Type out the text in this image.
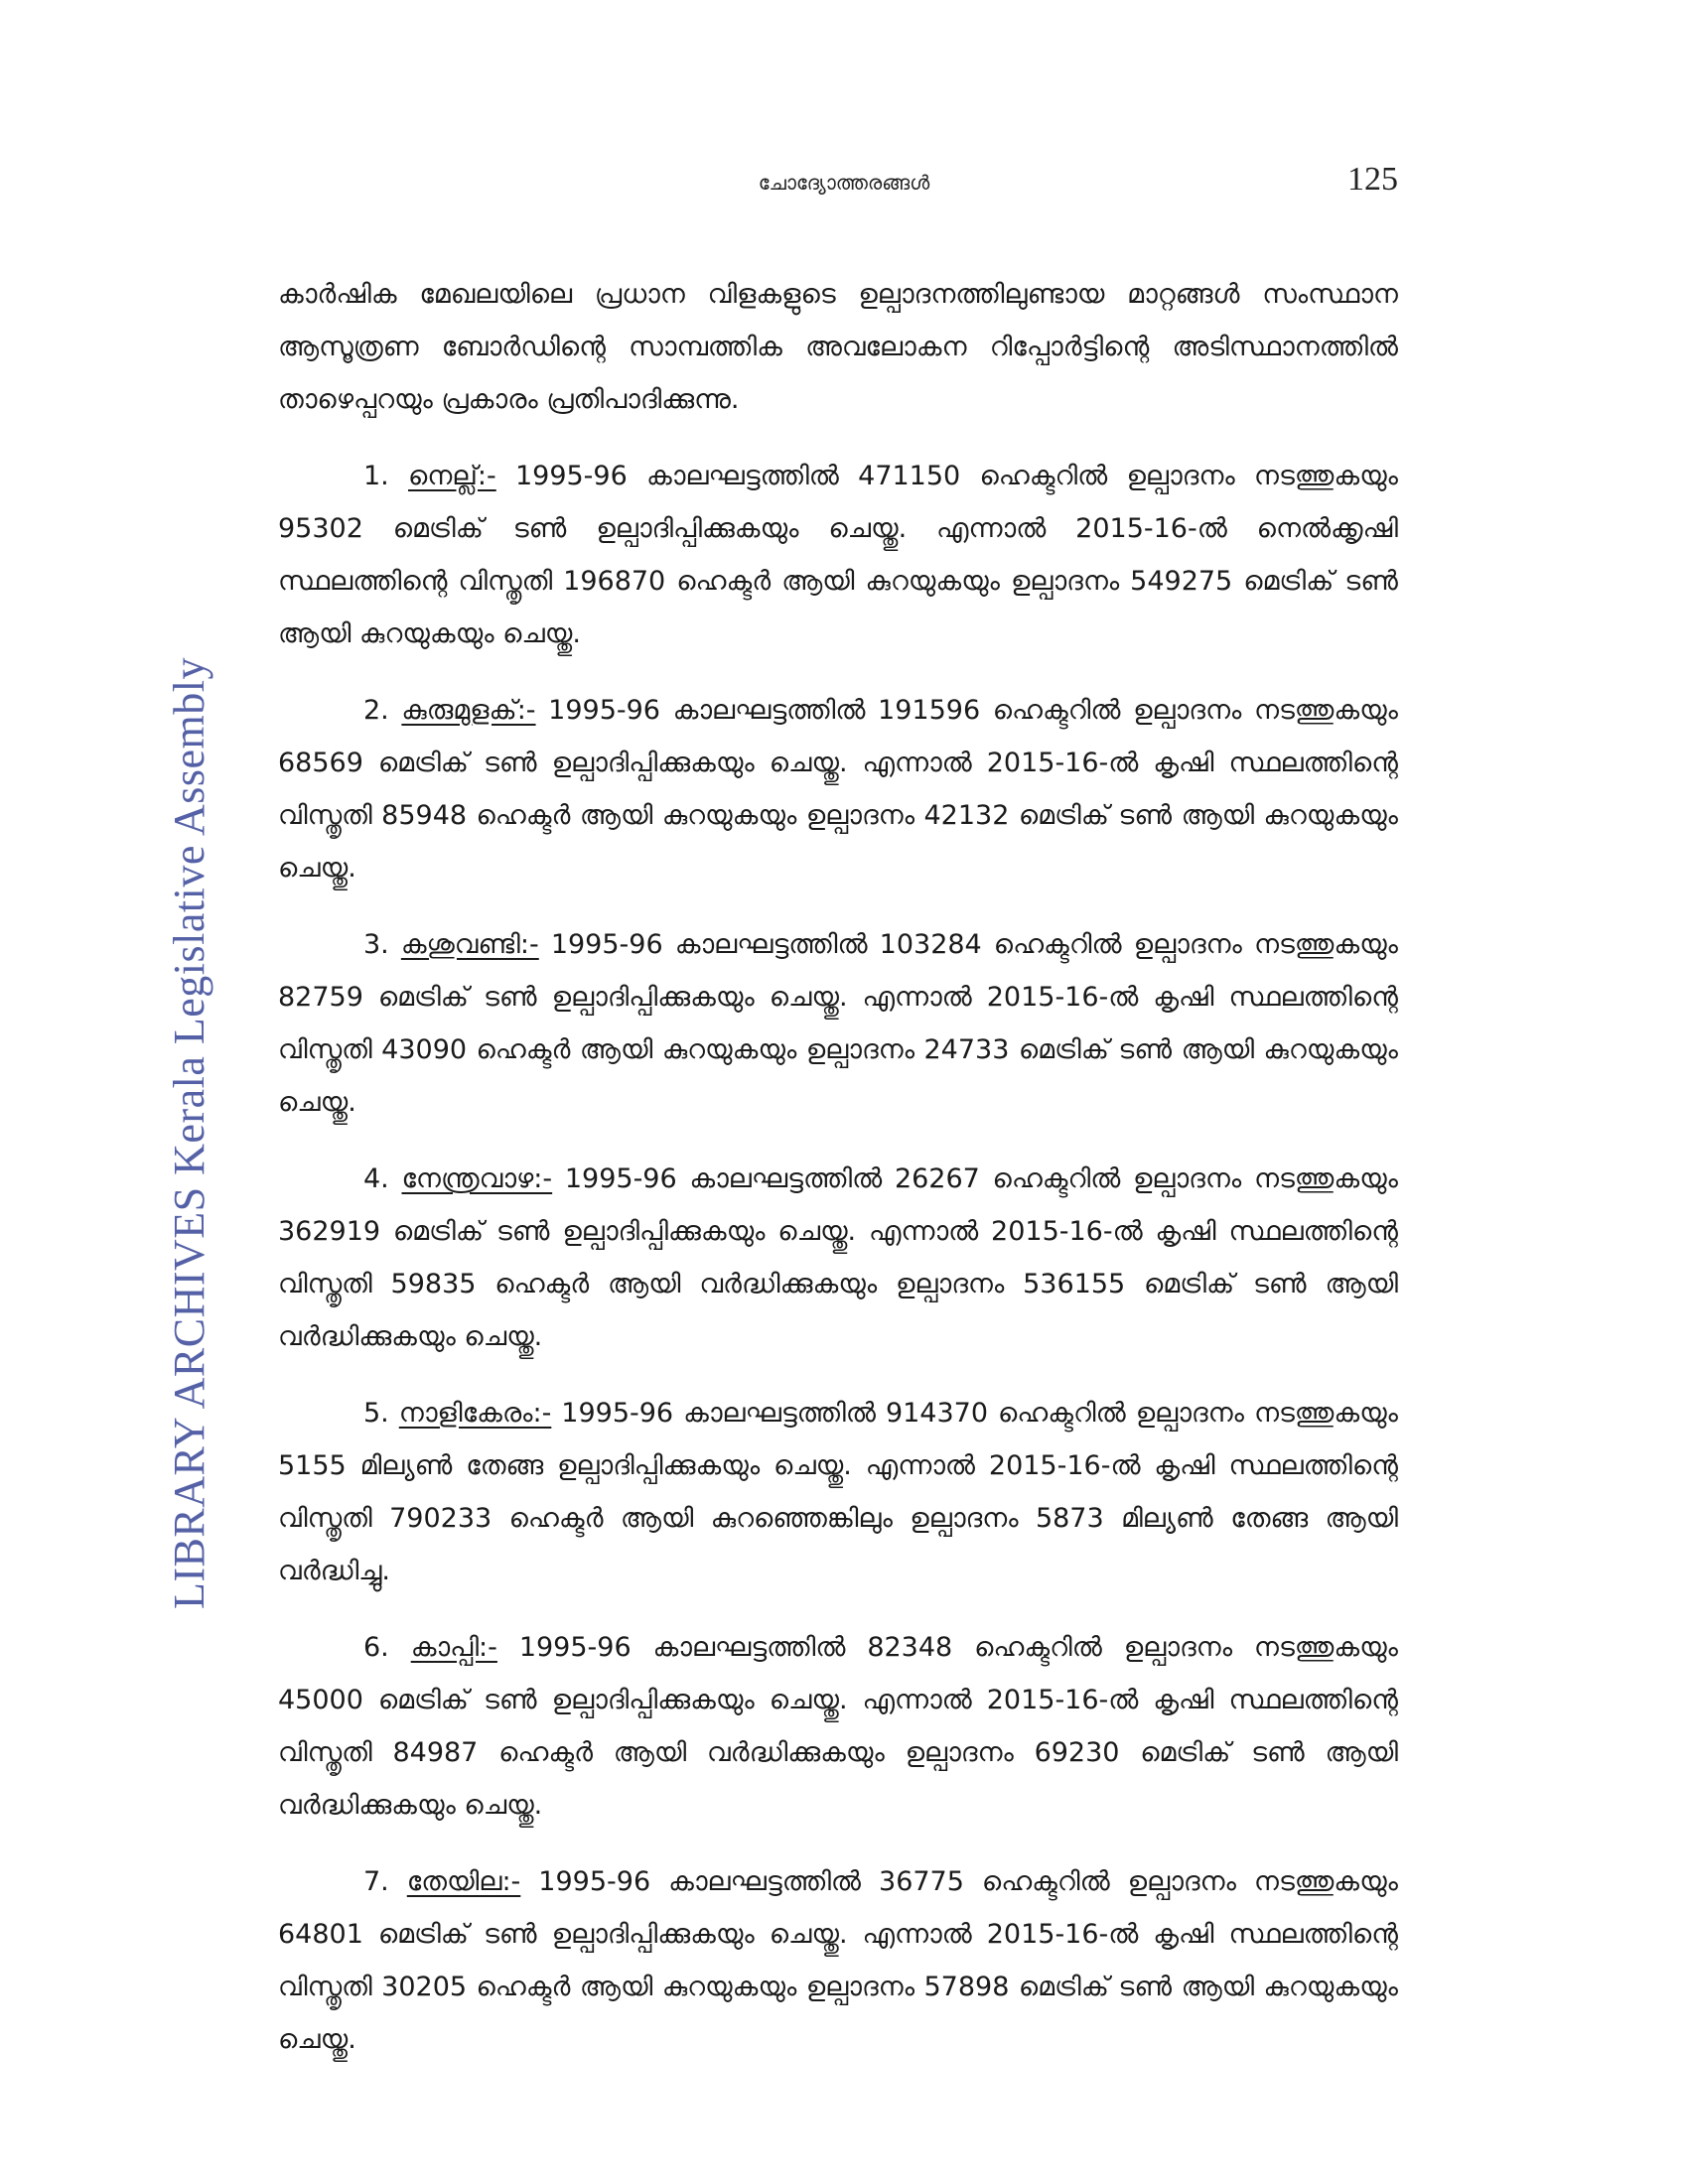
ചോദ്യോത്തരങ്ങൾ	125
LIBRARY ARCHIVES Kerala Legislative Assembly

കാർഷിക മേഖലയിലെ പ്രധാന വിളകളുടെ ഉല്പാദനത്തിലുണ്ടായ മാറ്റങ്ങൾ സംസ്ഥാന ആസൂത്രണ ബോർഡിന്റെ സാമ്പത്തിക അവലോകന റിപ്പോർട്ടിന്റെ അടിസ്ഥാനത്തിൽ താഴെപ്പറയും പ്രകാരം പ്രതിപാദിക്കുന്നു.

1. നെല്ല്:- 1995-96 കാലഘട്ടത്തിൽ 471150 ഹെക്ടറിൽ ഉല്പാദനം നടത്തുകയും 95302 മെട്രിക് ടൺ ഉല്പാദിപ്പിക്കുകയും ചെയ്തു. എന്നാൽ 2015-16-ൽ നെൽക്കൃഷി സ്ഥലത്തിന്റെ വിസ്തൃതി 196870 ഹെക്ടർ ആയി കുറയുകയും ഉല്പാദനം 549275 മെട്രിക് ടൺ ആയി കുറയുകയും ചെയ്തു.

2. കുരുമുളക്:- 1995-96 കാലഘട്ടത്തിൽ 191596 ഹെക്ടറിൽ ഉല്പാദനം നടത്തുകയും 68569 മെട്രിക് ടൺ ഉല്പാദിപ്പിക്കുകയും ചെയ്തു. എന്നാൽ 2015-16-ൽ കൃഷി സ്ഥലത്തിന്റെ വിസ്തൃതി 85948 ഹെക്ടർ ആയി കുറയുകയും ഉല്പാദനം 42132 മെട്രിക് ടൺ ആയി കുറയുകയും ചെയ്തു.

3. കശുവണ്ടി:- 1995-96 കാലഘട്ടത്തിൽ 103284 ഹെക്ടറിൽ ഉല്പാദനം നടത്തുകയും 82759 മെട്രിക് ടൺ ഉല്പാദിപ്പിക്കുകയും ചെയ്തു. എന്നാൽ 2015-16-ൽ കൃഷി സ്ഥലത്തിന്റെ വിസ്തൃതി 43090 ഹെക്ടർ ആയി കുറയുകയും ഉല്പാദനം 24733 മെട്രിക് ടൺ ആയി കുറയുകയും ചെയ്തു.

4. നേന്ത്രവാഴ:- 1995-96 കാലഘട്ടത്തിൽ 26267 ഹെക്ടറിൽ ഉല്പാദനം നടത്തുകയും 362919 മെട്രിക് ടൺ ഉല്പാദിപ്പിക്കുകയും ചെയ്തു. എന്നാൽ 2015-16-ൽ കൃഷി സ്ഥലത്തിന്റെ വിസ്തൃതി 59835 ഹെക്ടർ ആയി വർദ്ധിക്കുകയും ഉല്പാദനം 536155 മെട്രിക് ടൺ ആയി വർദ്ധിക്കുകയും ചെയ്തു.

5. നാളികേരം:- 1995-96 കാലഘട്ടത്തിൽ 914370 ഹെക്ടറിൽ ഉല്പാദനം നടത്തുകയും 5155 മില്യൺ തേങ്ങ ഉല്പാദിപ്പിക്കുകയും ചെയ്തു. എന്നാൽ 2015-16-ൽ കൃഷി സ്ഥലത്തിന്റെ വിസ്തൃതി 790233 ഹെക്ടർ ആയി കുറഞ്ഞെങ്കിലും ഉല്പാദനം 5873 മില്യൺ തേങ്ങ ആയി വർദ്ധിച്ചു.

6. കാപ്പി:- 1995-96 കാലഘട്ടത്തിൽ 82348 ഹെക്ടറിൽ ഉല്പാദനം നടത്തുകയും 45000 മെട്രിക് ടൺ ഉല്പാദിപ്പിക്കുകയും ചെയ്തു. എന്നാൽ 2015-16-ൽ കൃഷി സ്ഥലത്തിന്റെ വിസ്തൃതി 84987 ഹെക്ടർ ആയി വർദ്ധിക്കുകയും ഉല്പാദനം 69230 മെട്രിക് ടൺ ആയി വർദ്ധിക്കുകയും ചെയ്തു.

7. തേയില:- 1995-96 കാലഘട്ടത്തിൽ 36775 ഹെക്ടറിൽ ഉല്പാദനം നടത്തുകയും 64801 മെട്രിക് ടൺ ഉല്പാദിപ്പിക്കുകയും ചെയ്തു. എന്നാൽ 2015-16-ൽ കൃഷി സ്ഥലത്തിന്റെ വിസ്തൃതി 30205 ഹെക്ടർ ആയി കുറയുകയും ഉല്പാദനം 57898 മെട്രിക് ടൺ ആയി കുറയുകയും ചെയ്തു.
